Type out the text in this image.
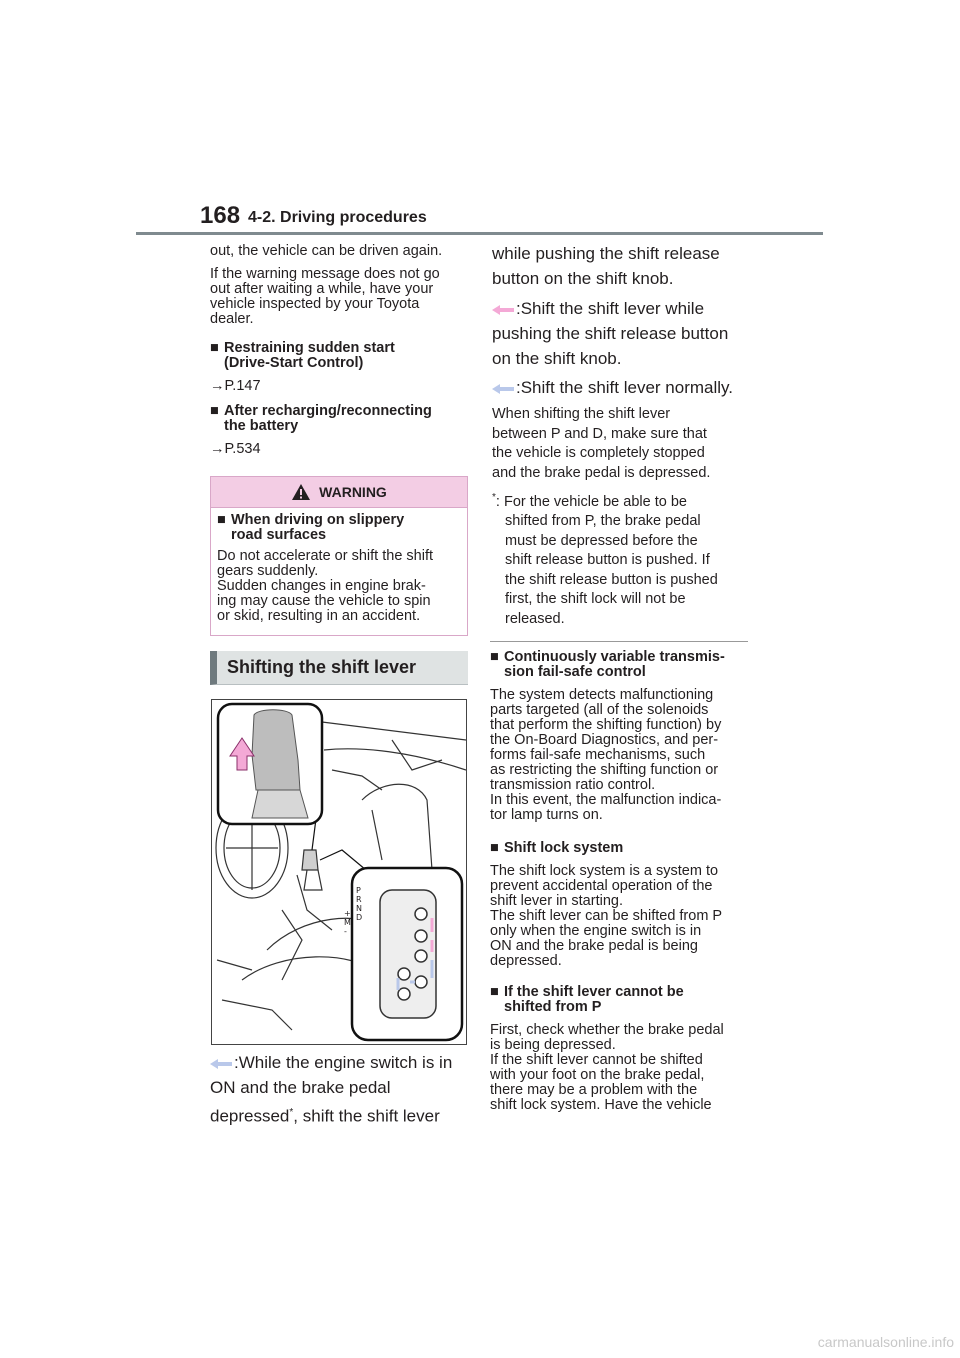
168 4-2. Driving procedures
out, the vehicle can be driven again.
If the warning message does not go
out after waiting a while, have your
vehicle inspected by your Toyota
dealer.
■ Restraining sudden start
(Drive-Start Control)
→P.147
■ After recharging/reconnecting
the battery
→P.534
WARNING
■ When driving on slippery
road surfaces
Do not accelerate or shift the shift
gears suddenly.
Sudden changes in engine brak-
ing may cause the vehicle to spin
or skid, resulting in an accident.
Shifting the shift lever
P
R
N
D
+
M
-
:While the engine switch is in
ON and the brake pedal
depressed*, shift the shift lever
while pushing the shift release
button on the shift knob.
:Shift the shift lever while
pushing the shift release button
on the shift knob.
:Shift the shift lever normally.
When shifting the shift lever
between P and D, make sure that
the vehicle is completely stopped
and the brake pedal is depressed.
*: For the vehicle be able to be
shifted from P, the brake pedal
must be depressed before the
shift release button is pushed. If
the shift release button is pushed
first, the shift lock will not be
released.
■ Continuously variable transmis-
sion fail-safe control
The system detects malfunctioning
parts targeted (all of the solenoids
that perform the shifting function) by
the On-Board Diagnostics, and per-
forms fail-safe mechanisms, such
as restricting the shifting function or
transmission ratio control.
In this event, the malfunction indica-
tor lamp turns on.
■ Shift lock system
The shift lock system is a system to
prevent accidental operation of the
shift lever in starting.
The shift lever can be shifted from P
only when the engine switch is in
ON and the brake pedal is being
depressed.
■ If the shift lever cannot be
shifted from P
First, check whether the brake pedal
is being depressed.
If the shift lever cannot be shifted
with your foot on the brake pedal,
there may be a problem with the
shift lock system. Have the vehicle
carmanualsonline.info
